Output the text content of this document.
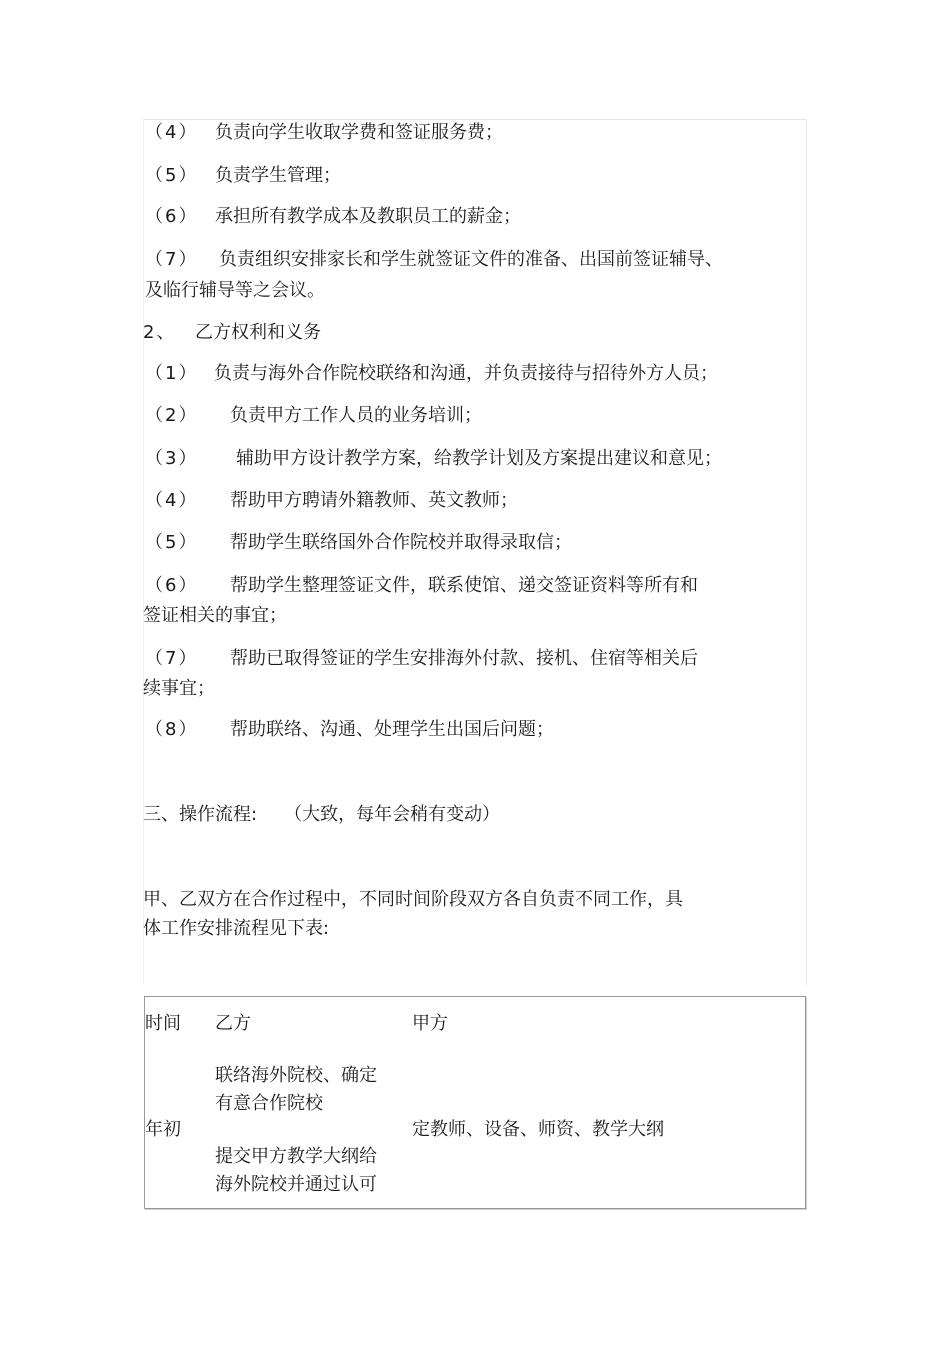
（4） 负责向学生收取学费和签证服务费；
（5） 负责学生管理；
（6） 承担所有教学成本及教职员工的薪金；
（7） 负责组织安排家长和学生就签证文件的准备、出国前签证辅导、
及临行辅导等之会议。
2、 乙方权利和义务
（1） 负责与海外合作院校联络和沟通，并负责接待与招待外方人员；
（2） 负责甲方工作人员的业务培训；
（3） 辅助甲方设计教学方案，给教学计划及方案提出建议和意见；
（4） 帮助甲方聘请外籍教师、英文教师；
（5） 帮助学生联络国外合作院校并取得录取信；
（6） 帮助学生整理签证文件，联系使馆、递交签证资料等所有和
签证相关的事宜；
（7） 帮助已取得签证的学生安排海外付款、接机、住宿等相关后
续事宜；
（8） 帮助联络、沟通、处理学生出国后问题；
三、操作流程:　　（大致，每年会稍有变动）
甲、乙双方在合作过程中，不同时间阶段双方各自负责不同工作，具
体工作安排流程见下表:
时间 乙方	甲方
年初
联络海外院校、确定
有意合作院校
提交甲方教学大纲给
海外院校并通过认可
定教师、设备、师资、教学大纲
